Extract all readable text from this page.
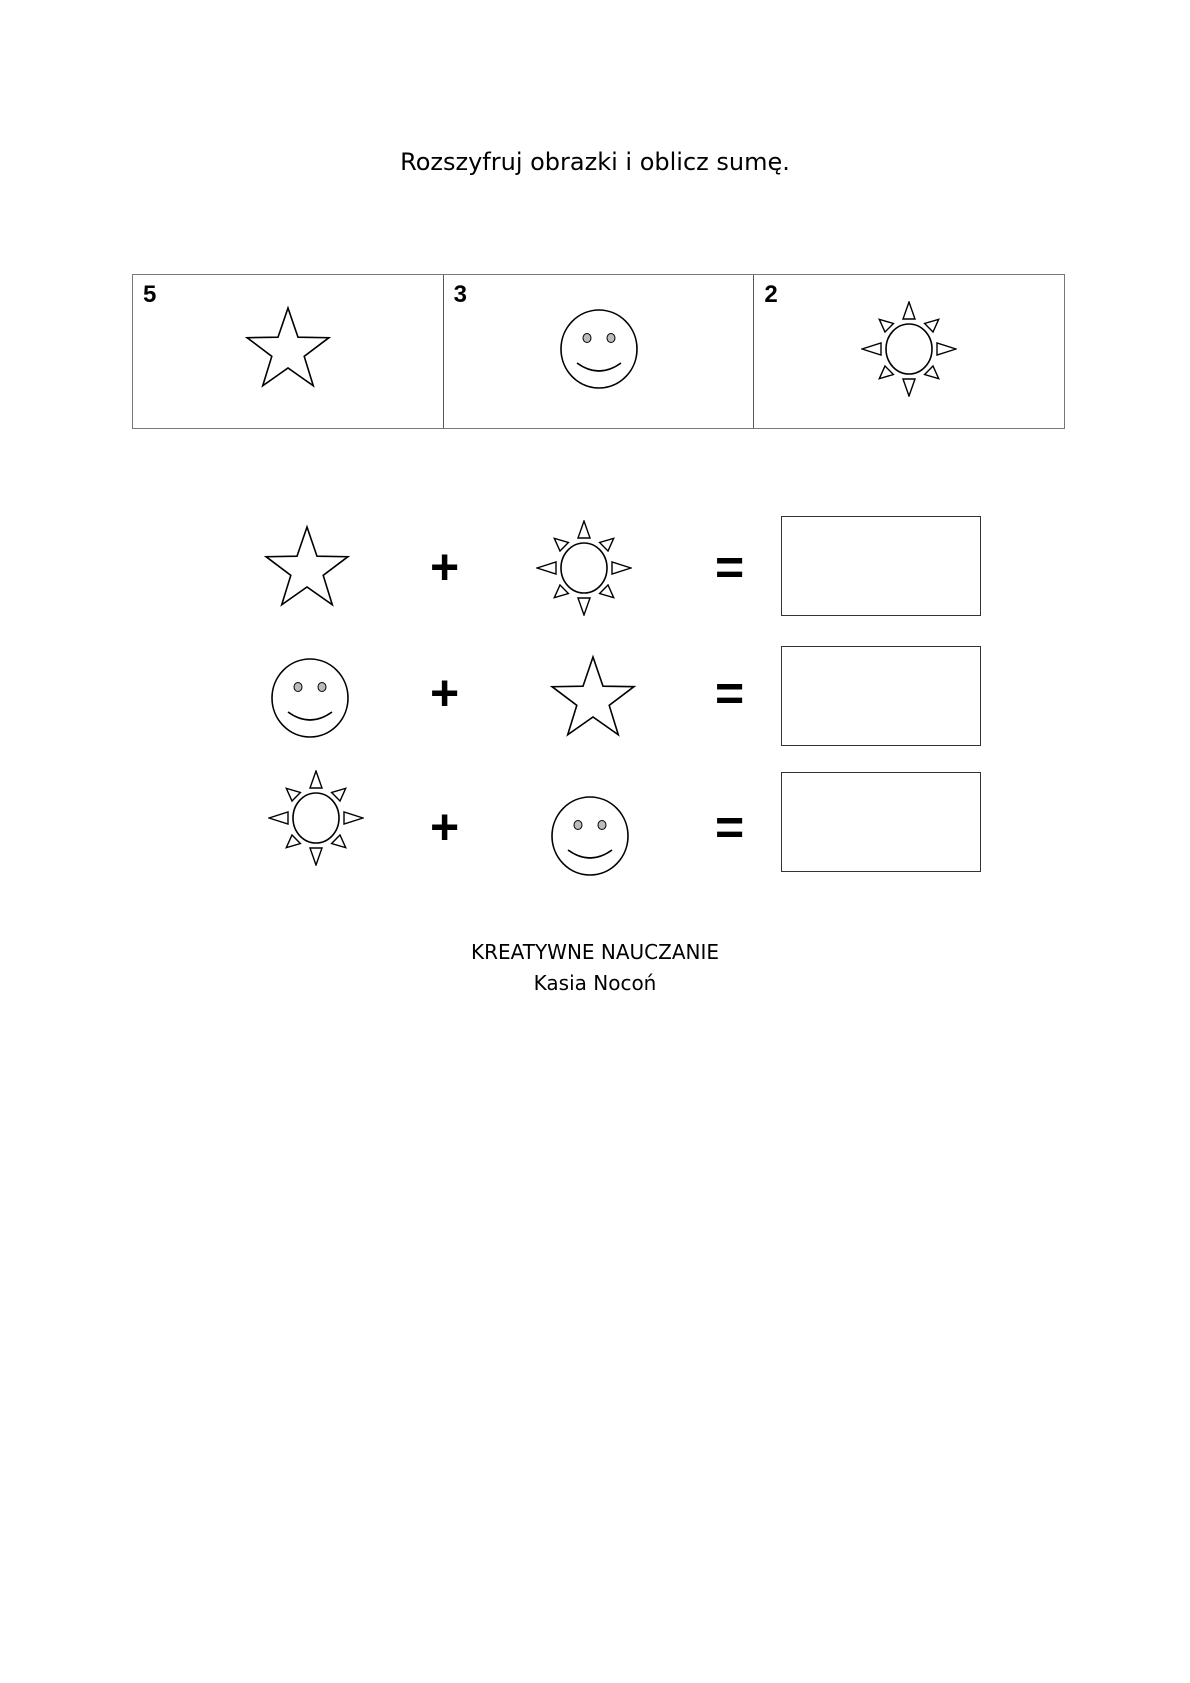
Rozszyfruj obrazki i oblicz sumę.
5	3	2
+	=
+	=
+	=
KREATYWNE NAUCZANIE
Kasia Nocoń
